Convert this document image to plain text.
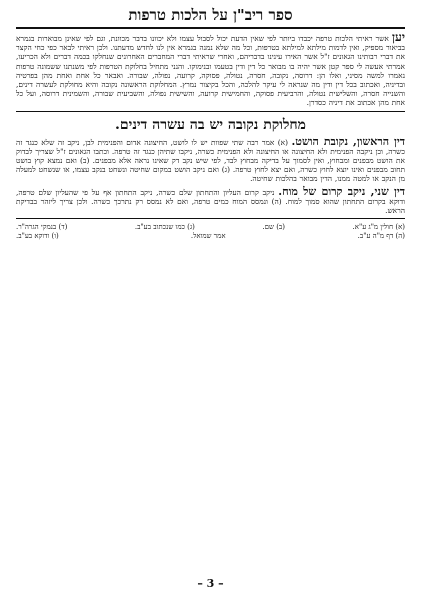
ספר ריב"ן על הלכות טרפות

יען אשר ראיתי הלכות טרפה יכבדו ביותר לפי שאין הדעת יכול לסבול עצמו ולא יכוונו בדבר מכוונת, וגם לפי שאינן מבוארות בגמרא בביאור מספיק, ואין לדמות מילתא למילתא בטרפות, וכל מה שלא נמנה בגמרא אין לנו לחדש מדעתנו. ולכן ראיתי לבאר כפי כחי הקצר את דברי רבותינו הגאונים ז"ל אשר האירו עינינו בדבריהם, ואחרי שראיתי דברי המחברים האחרונים שנחלקו בכמה דברים ולא הכריעו, אמרתי אעשה לי ספר קטן אשר יהיה בו מבואר כל דין ודין בטעמו ובנימוקו. והנני מתחיל בחלוקת הטרפות לפי משנתנו ששמונה טרפות נאמרו למשה מסיני, ואלו הן: דרוסה, נקובה, חסרה, נטולה, פסוקה, קרועה, נפולה, שבורה. ואבאר כל אחת ואחת מהן בפרטיה ובדיניה, ואכתוב בכל דין ודין מה שנראה לי עיקר להלכה, והכל בקיצור נמרץ. המחלוקת הראשונה נקובה והיא מחולקת לעשרה דינים, והשנייה חסרה, והשלישית נטולה, והרביעית פסוקה, והחמישית קרועה, והשישית נפולה, והשביעית שבורה, והשמינית דרוסה, ועל כל אחת מהן אכתוב את דיניה כסדרן.

מחלוקת נקובה יש בה עשרה דינים.

דין הראשון, נקובת הושט. (א) אמר רבה שתי שפוות יש לו לושט, החיצונה אדום והפנימית לבן, ניקב זה שלא כנגד זה כשרה, וכן ניקבה הפנימית ולא החיצונה או החיצונה ולא הפנימית כשרה, ניקבו שתיהן כנגד זה טרפה. וכתבו הגאונים ז"ל שצריך לבדוק את הושט מבפנים ומבחוץ, ואין לסמוך על בדיקה מבחוץ לבד, לפי שיש נקב דק שאינו נראה אלא מבפנים. (ב) ואם נמצא קוץ בושט תחוב מבפנים ואינו יוצא לחוץ כשרה, ואם יצא לחוץ טרפה. (ג) ואם ניקב הושט במקום שחיטה ונשחט בנקב עצמו, או שנשחט למעלה מן הנקב או למטה ממנו, הדין מבואר בהלכות שחיטה.

דין שני, ניקב קרום של מוח. ניקב קרום העליון והתחתון שלם כשרה, ניקב התחתון אף על פי שהעליון שלם טרפה, ודוקא בקרום התחתון שהוא סמוך למוח. (ה) ונמסס המוח כמים טרפה, ואם לא נמסס רק נתרכך כשרה. ולכן צריך ליזהר בבדיקת הראש.

(א) חולין מ"ג ע"א.
(ב) שם.
(ג) כמו שנכתוב בע"ב.
(ד) בנמקי הגרה"ר.
(ה) דף מ"ה ע"ב.
אמר שמואל.
(ו) ודוקא בע"ב.
– 3 –
